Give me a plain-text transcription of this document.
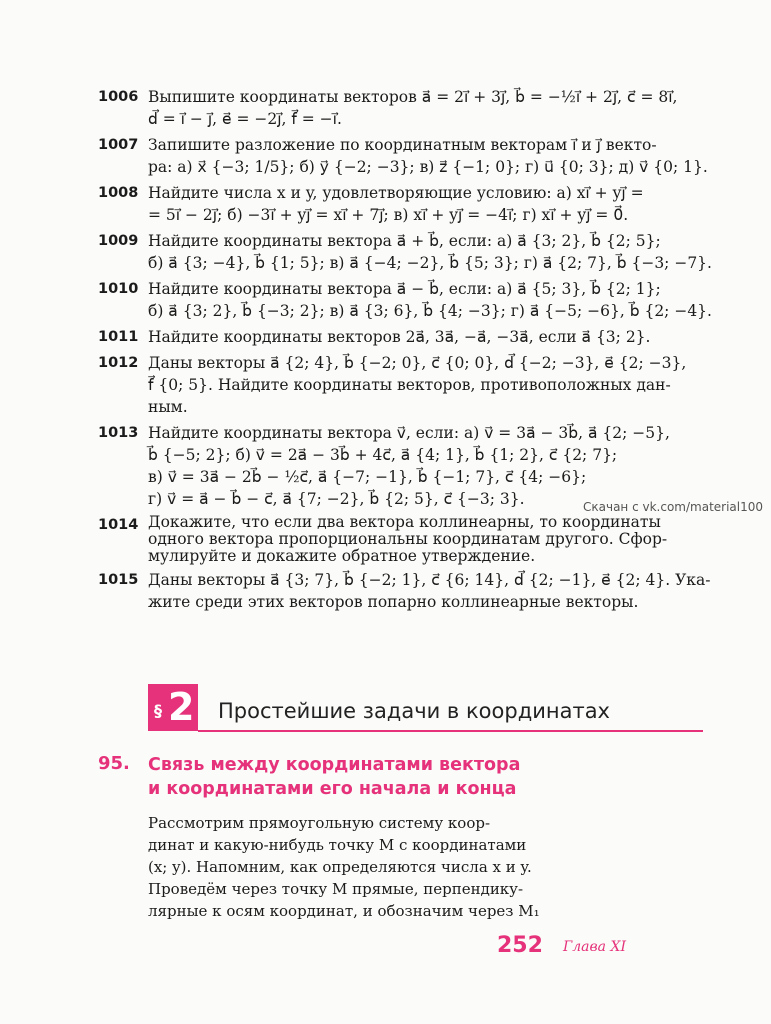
1006 Выпишите координаты векторов a⃗ = 2i⃗ + 3j⃗, b⃗ = −½i⃗ + 2j⃗, c⃗ = 8i⃗,
d⃗ = i⃗ − j⃗, e⃗ = −2j⃗, f⃗ = −i⃗.
1007 Запишите разложение по координатным векторам i⃗ и j⃗ векто-
ра: а) x⃗ {−3; 1/5}; б) y⃗ {−2; −3}; в) z⃗ {−1; 0}; г) u⃗ {0; 3}; д) v⃗ {0; 1}.
1008 Найдите числа x и y, удовлетворяющие условию: а) xi⃗ + yj⃗ =
= 5i⃗ − 2j⃗; б) −3i⃗ + yj⃗ = xi⃗ + 7j⃗; в) xi⃗ + yj⃗ = −4i⃗; г) xi⃗ + yj⃗ = 0⃗.
1009 Найдите координаты вектора a⃗ + b⃗, если: а) a⃗ {3; 2}, b⃗ {2; 5};
б) a⃗ {3; −4}, b⃗ {1; 5}; в) a⃗ {−4; −2}, b⃗ {5; 3}; г) a⃗ {2; 7}, b⃗ {−3; −7}.
1010 Найдите координаты вектора a⃗ − b⃗, если: а) a⃗ {5; 3}, b⃗ {2; 1};
б) a⃗ {3; 2}, b⃗ {−3; 2}; в) a⃗ {3; 6}, b⃗ {4; −3}; г) a⃗ {−5; −6}, b⃗ {2; −4}.
1011 Найдите координаты векторов 2a⃗, 3a⃗, −a⃗, −3a⃗, если a⃗ {3; 2}.
1012 Даны векторы a⃗ {2; 4}, b⃗ {−2; 0}, c⃗ {0; 0}, d⃗ {−2; −3}, e⃗ {2; −3},
f⃗ {0; 5}. Найдите координаты векторов, противоположных дан-
ным.
1013 Найдите координаты вектора v⃗, если: а) v⃗ = 3a⃗ − 3b⃗, a⃗ {2; −5},
b⃗ {−5; 2}; б) v⃗ = 2a⃗ − 3b⃗ + 4c⃗, a⃗ {4; 1}, b⃗ {1; 2}, c⃗ {2; 7};
в) v⃗ = 3a⃗ − 2b⃗ − ½c⃗, a⃗ {−7; −1}, b⃗ {−1; 7}, c⃗ {4; −6};
г) v⃗ = a⃗ − b⃗ − c⃗, a⃗ {7; −2}, b⃗ {2; 5}, c⃗ {−3; 3}.
1014 Докажите, что если два вектора коллинеарны, то координаты
одного вектора пропорциональны координатам другого. Сфор-
мулируйте и докажите обратное утверждение.
1015 Даны векторы a⃗ {3; 7}, b⃗ {−2; 1}, c⃗ {6; 14}, d⃗ {2; −1}, e⃗ {2; 4}. Ука-
жите среди этих векторов попарно коллинеарные векторы.
Скачан с vk.com/material100
§ 2 Простейшие задачи в координатах
95.	Связь между координатами вектора
и координатами его начала и конца
Рассмотрим прямоугольную систему коор-
динат и какую-нибудь точку M с координатами
(x; y). Напомним, как определяются числа x и y.
Проведём через точку M прямые, перпендику-
лярные к осям координат, и обозначим через M₁
252 Глава XI
